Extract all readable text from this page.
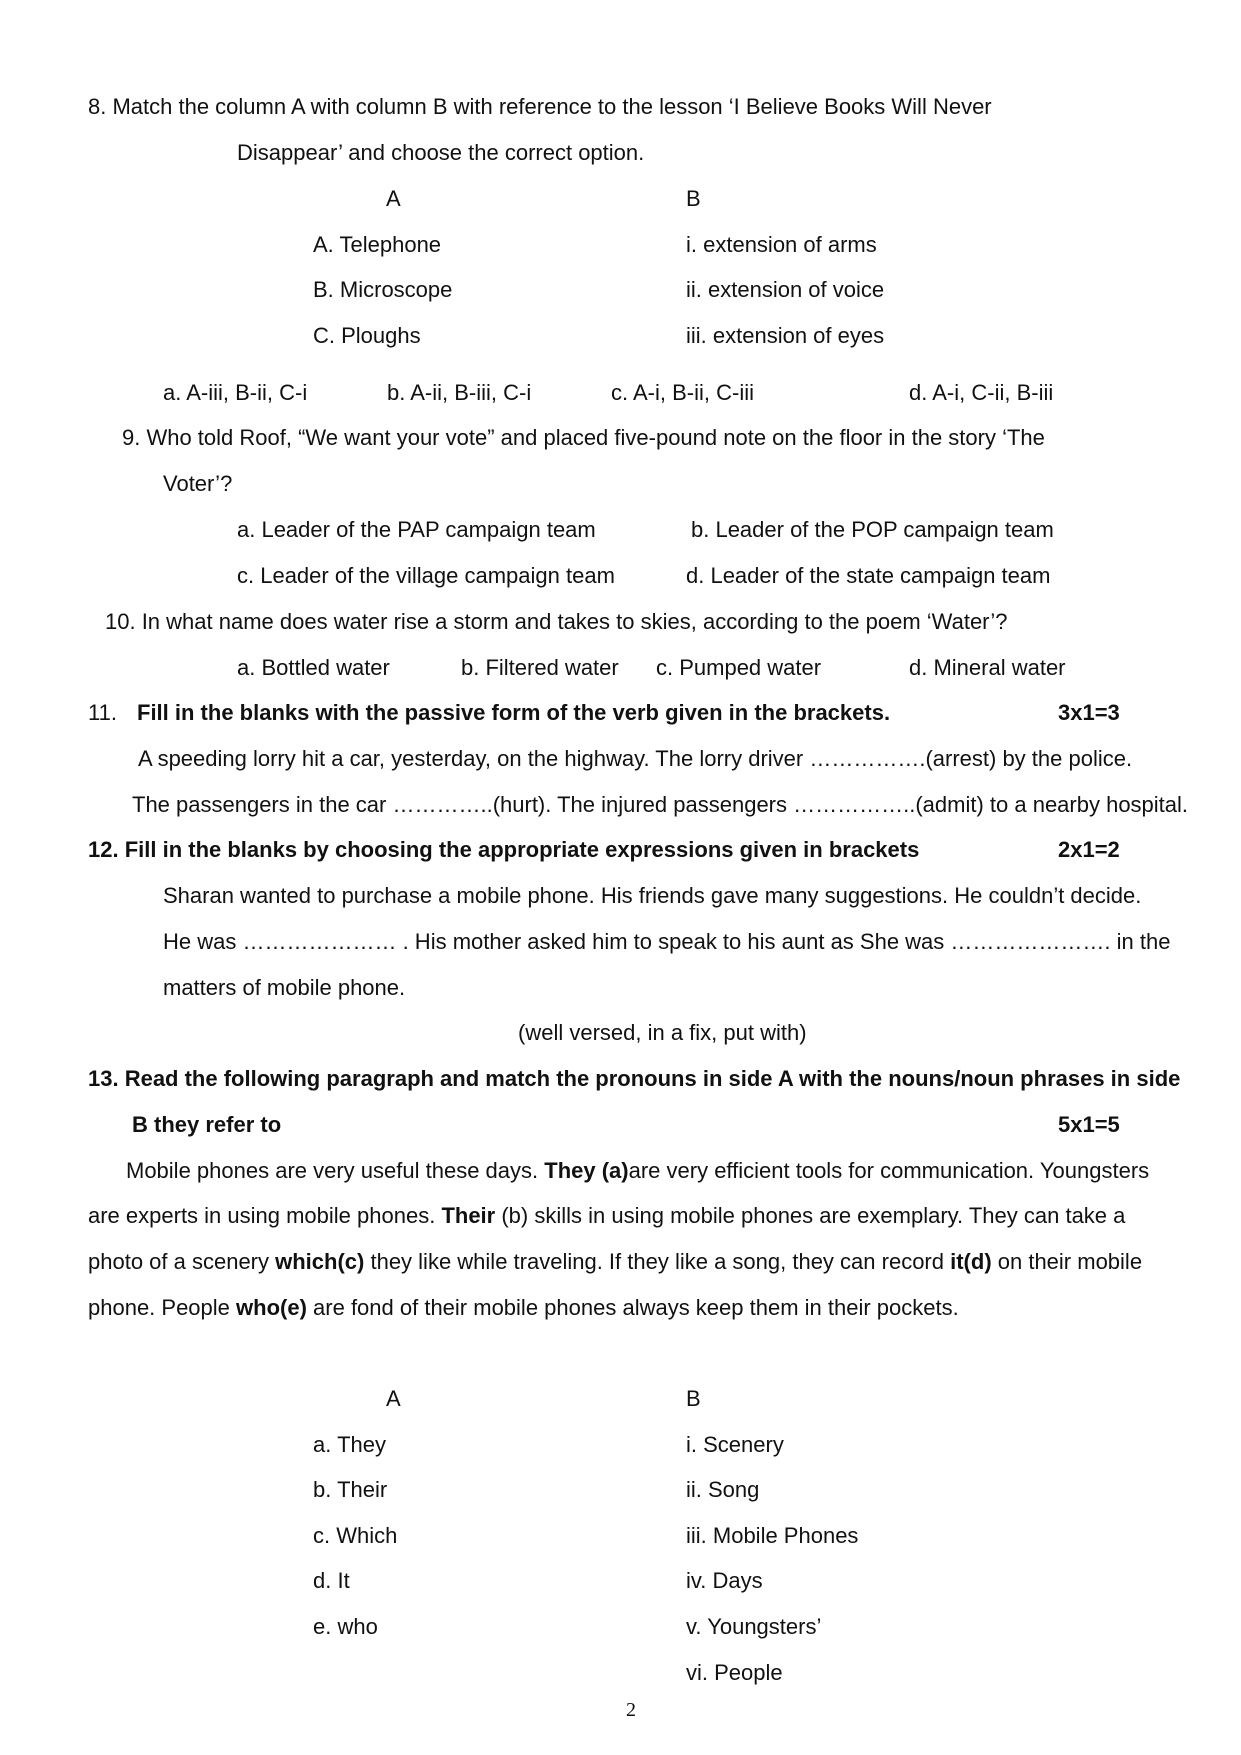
8. Match the column A with column B with reference to the lesson ‘I Believe Books Will Never
Disappear’ and choose the correct option.
A	B
A. Telephone	i. extension of arms
B. Microscope	ii. extension of voice
C. Ploughs	iii. extension of eyes
a. A-iii, B-ii, C-i	b. A-ii, B-iii, C-i	c. A-i, B-ii, C-iii	d. A-i, C-ii, B-iii
9. Who told Roof, “We want your vote” and placed five-pound note on the floor in the story ‘The
Voter’?
a. Leader of the PAP campaign team	b. Leader of the POP campaign team
c. Leader of the village campaign team	d. Leader of the state campaign team
10. In what name does water rise a storm and takes to skies, according to the poem ‘Water’?
a. Bottled water	b. Filtered water c. Pumped water	d. Mineral water
11. Fill in the blanks with the passive form of the verb given in the brackets.	3x1=3
A speeding lorry hit a car, yesterday, on the highway. The lorry driver …………….(arrest) by the police.
The passengers in the car …………..(hurt). The injured passengers ……………..(admit) to a nearby hospital.
12. Fill in the blanks by choosing the appropriate expressions given in brackets	2x1=2
Sharan wanted to purchase a mobile phone. His friends gave many suggestions. He couldn’t decide.
He was ………………… . His mother asked him to speak to his aunt as She was …………………. in the
matters of mobile phone.
(well versed, in a fix, put with)
13. Read the following paragraph and match the pronouns in side A with the nouns/noun phrases in side
B they refer to	5x1=5
Mobile phones are very useful these days. They (a)are very efficient tools for communication. Youngsters
are experts in using mobile phones. Their (b) skills in using mobile phones are exemplary. They can take a
photo of a scenery which(c) they like while traveling. If they like a song, they can record it(d) on their mobile
phone. People who(e) are fond of their mobile phones always keep them in their pockets.
A	B
a. They	i. Scenery
b. Their	ii. Song
c. Which	iii. Mobile Phones
d. It	iv. Days
e. who	v. Youngsters’
vi. People
2
